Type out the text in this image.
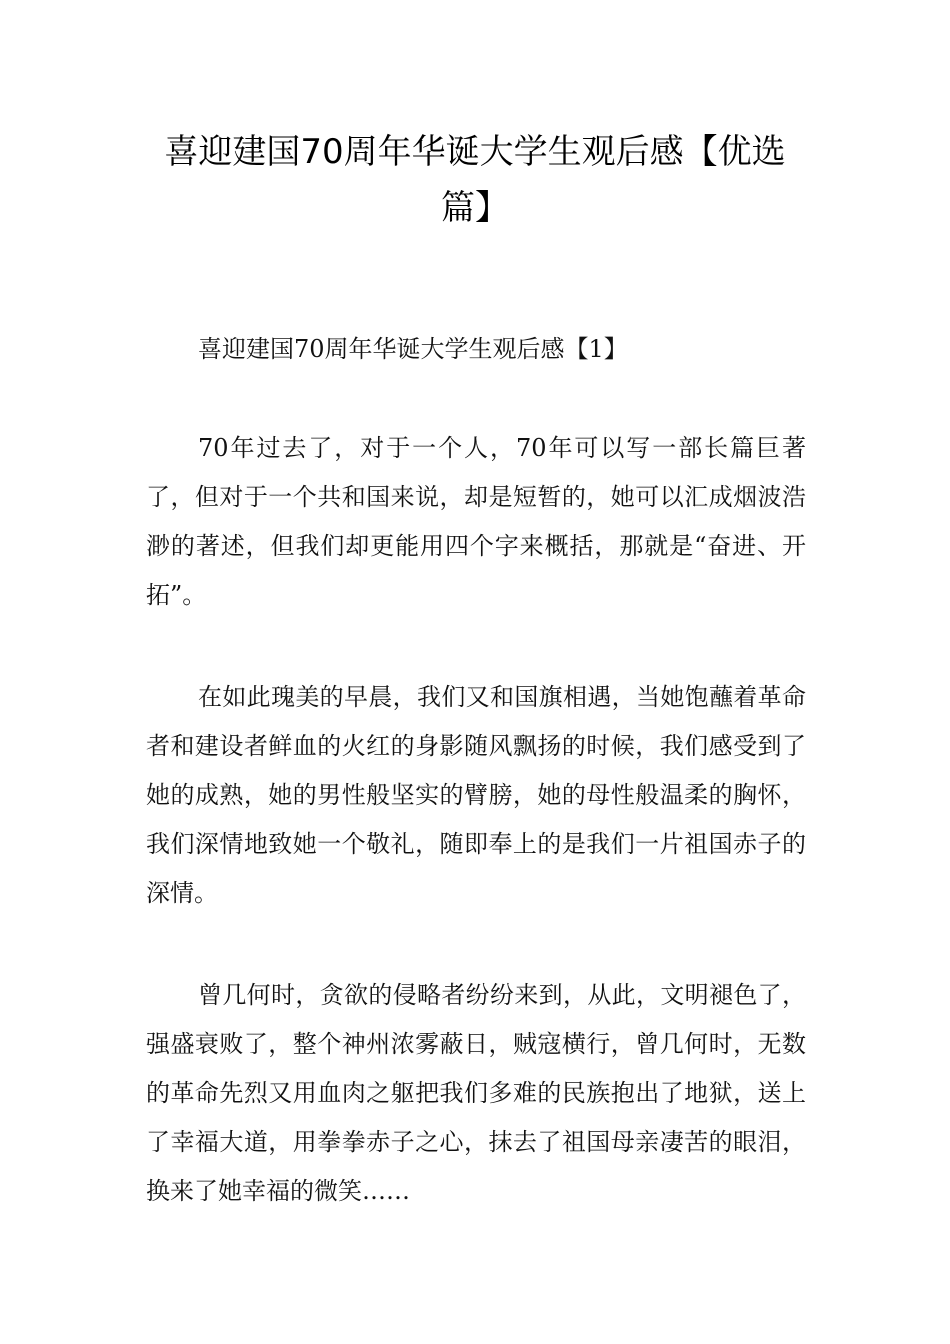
喜迎建国70周年华诞大学生观后感【优选篇】

喜迎建国70周年华诞大学生观后感【1】

70年过去了，对于一个人，70年可以写一部长篇巨著了，但对于一个共和国来说，却是短暂的，她可以汇成烟波浩渺的著述，但我们却更能用四个字来概括，那就是“奋进、开拓”。

在如此瑰美的早晨，我们又和国旗相遇，当她饱蘸着革命者和建设者鲜血的火红的身影随风飘扬的时候，我们感受到了她的成熟，她的男性般坚实的臂膀，她的母性般温柔的胸怀，我们深情地致她一个敬礼，随即奉上的是我们一片祖国赤子的深情。

曾几何时，贪欲的侵略者纷纷来到，从此，文明褪色了，强盛衰败了，整个神州浓雾蔽日，贼寇横行，曾几何时，无数的革命先烈又用血肉之躯把我们多难的民族抱出了地狱，送上了幸福大道，用拳拳赤子之心，抹去了祖国母亲凄苦的眼泪，换来了她幸福的微笑……
